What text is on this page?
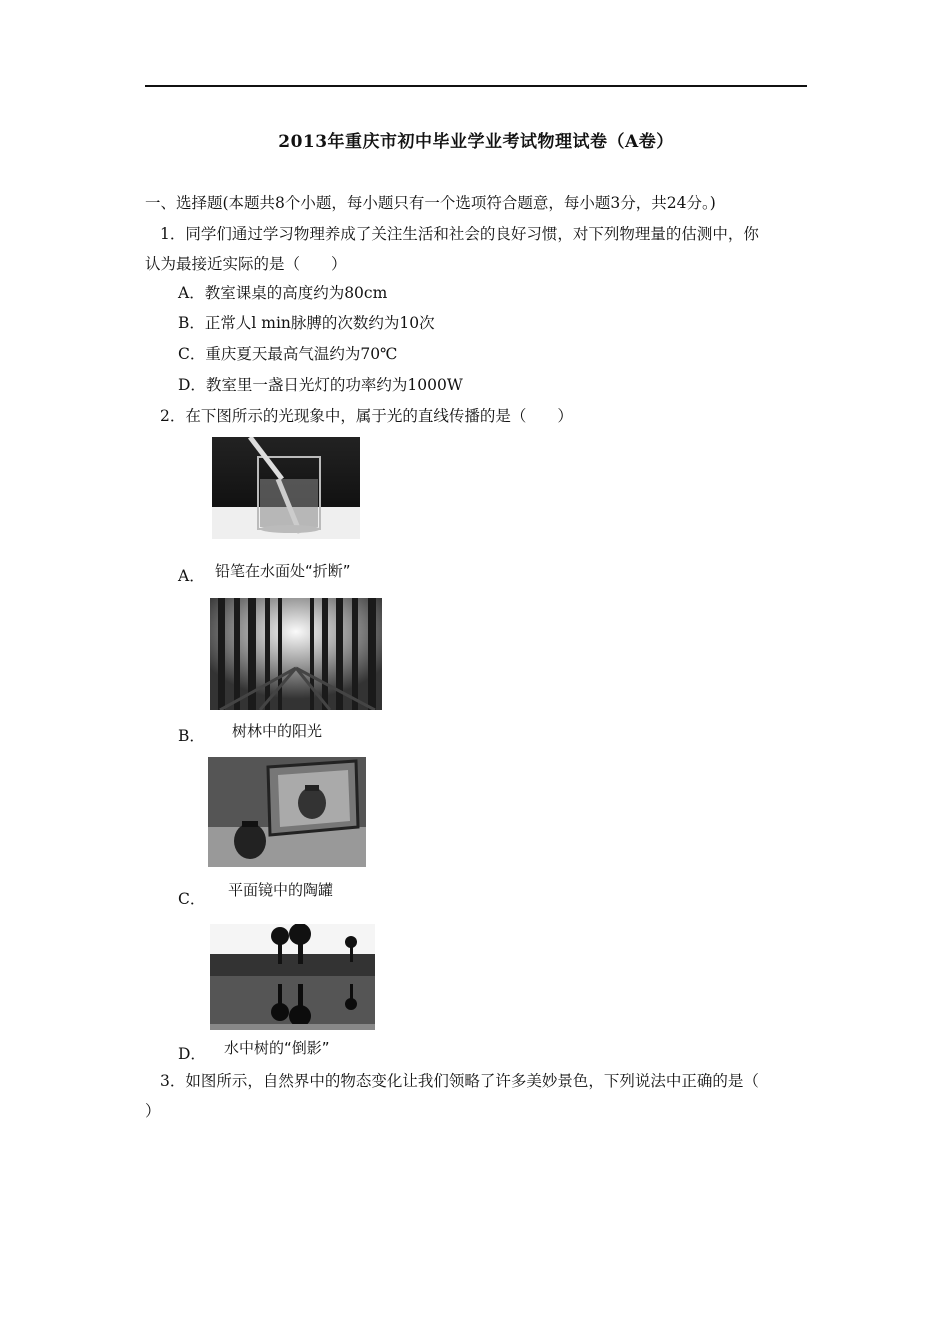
2013年重庆市初中毕业学业考试物理试卷（A卷）
一、选择题(本题共8个小题，每小题只有一个选项符合题意，每小题3分，共24分。)
1．同学们通过学习物理养成了关注生活和社会的良好习惯，对下列物理量的估测中，你
认为最接近实际的是（　　）
A．教室课桌的高度约为80cm
B．正常人l min脉膊的次数约为10次
C．重庆夏天最高气温约为70℃
D．教室里一盏日光灯的功率约为1000W
2．在下图所示的光现象中，属于光的直线传播的是（　　）
A． 铅笔在水面处“折断”
B． 树林中的阳光
C． 平面镜中的陶罐
D． 水中树的“倒影”
3．如图所示，自然界中的物态变化让我们领略了许多美妙景色，下列说法中正确的是（
）
